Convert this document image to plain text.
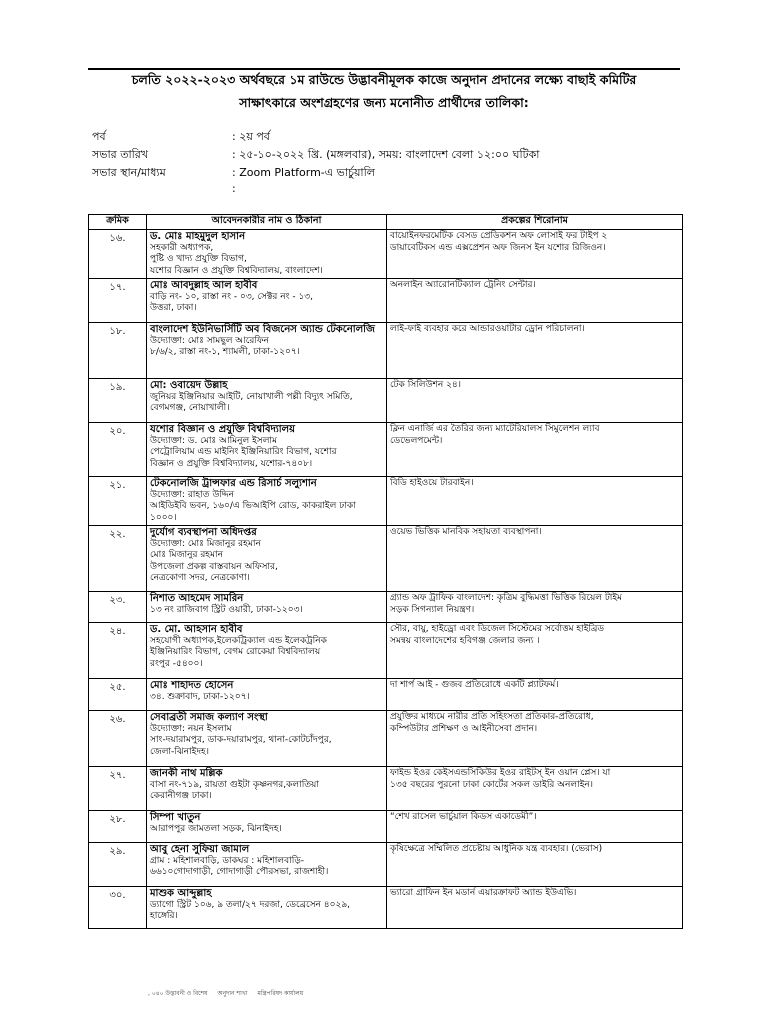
চলতি ২০২২-২০২৩ অর্থবছরে ১ম রাউন্ডে উদ্ভাবনীমূলক কাজে অনুদান প্রদানের লক্ষ্যে বাছাই কমিটির
সাক্ষাৎকারে অংশগ্রহণের জন্য মনোনীত প্রার্থীদের তালিকা:
পর্ব	: ২য় পর্ব
সভার তারিখ	: ২৫-১০-২০২২ খ্রি. (মঙ্গলবার), সময়: বাংলাদেশ বেলা ১২:০০ ঘটিকা
সভার স্থান/মাধ্যম	: Zoom Platform-এ ভার্চুয়ালি
:
ক্রমিক	আবেদনকারীর নাম ও ঠিকানা	প্রকল্পের শিরোনাম
১৬.	ড. মোঃ মাহমুদুল হাসান
সহকারী অধ্যাপক,
পুষ্টি ও খাদ্য প্রযুক্তি বিভাগ,
যশোর বিজ্ঞান ও প্রযুক্তি বিশ্ববিদ্যালয়, বাংলাদেশ।	বায়োইনফরমেটিক বেসড প্রেডিকশন অফ লোসাই ফর টাইপ ২
ডায়াবেটিকস এন্ড এক্সপ্রেশন অফ জিনস ইন যশোর রিজিওন।

১৭.	মোঃ আবদুল্লাহ আল হাবীব
বাড়ি নং- ১০, রাস্তা নং - ০৩, সেক্টর নং - ১৩,
উত্তরা, ঢাকা।	অনলাইন অ্যারোনটিক্যাল ট্রেনিং সেন্টার।

১৮.	বাংলাদেশ ইউনিভার্সিটি অব বিজনেস অ্যান্ড টেকনোলজি
উদ্যোক্তা: মোঃ সামছুল আরেফিন
৮/৬/২, রাস্তা নং-১, শ্যামলী, ঢাকা-১২০৭।	লাই-ফাই ব্যবহার করে আন্ডারওয়াটার ড্রোন পরিচালনা।

১৯.	মো: ওবায়েদ উল্লাহ
জুনিয়র ইঞ্জিনিয়ার আইটি, নোয়াখালী পল্লী বিদ্যুৎ সমিতি,
বেগমগঞ্জ, নোয়াখালী।	টেক সিলিউশন ২৪।

২০.	যশোর বিজ্ঞান ও প্রযুক্তি বিশ্ববিদ্যালয়
উদ্যোক্তা: ড. মোঃ আমিনুল ইসলাম
পেট্রোলিয়াম এন্ড মাইনিং ইঞ্জিনিয়ারিং বিভাগ, যশোর
বিজ্ঞান ও প্রযুক্তি বিশ্ববিদ্যালয়, যশোর-৭৪০৮।	ক্লিন এনার্জি এর তৈরির জন্য ম্যাটেরিয়ালস সিমুলেশন ল্যাব
ডেভেলপমেন্ট।

২১.	টেকনোলজি ট্রান্সফার এন্ড রিসার্চ সল্যুশান
উদ্যোক্তা: রাহাত উদ্দিন
আইডিইবি ভবন, ১৬০/এ ভিআইপি রোড, কাকরাইল ঢাকা
১০০০।	বিডি হাইওয়ে টারবাইন।

২২.	দুর্যোগ ব্যবস্থাপনা অধিদপ্তর
উদ্যোক্তা: মোঃ মিজানুর রহমান
মোঃ মিজানুর রহমান
উপজেলা প্রকল্প বাস্তবায়ন অফিসার,
নেত্রকোণা সদর, নেত্রকোণা।	ওয়েভ ভিত্তিক মানবিক সহায়তা ব্যবস্থাপনা।

২৩.	নিশাত আহমেদ সামরিন
১৩ নং রাজিবাগ স্ট্রিট ওয়ারী, ঢাকা-১২০৩।	গ্র্যান্ড অফ ট্রাফিক বাংলাদেশ: কৃত্রিম বুদ্ধিমত্তা ভিত্তিক রিয়েল টাইম
সড়ক সিগন্যাল নিয়ন্ত্রণ।

২৪.	ড. মো. আহসান হাবীব
সহযোগী অধ্যাপক,ইলেকট্রিক্যাল এন্ড ইলেকট্রনিক
ইঞ্জিনিয়ারিং বিভাগ, বেগম রোকেয়া বিশ্ববিদ্যালয়
রংপুর -৫৪০০।	সৌর, বায়ু, হাইড্রো এবং ডিজেল সিস্টেমের সর্বোত্তম হাইব্রিড
সমন্বয় বাংলাদেশের হবিগঞ্জ জেলার জন্য ।

২৫.	মোঃ শাহাদত হোসেন
৩৪. শুক্রাবাদ, ঢাকা-১২০৭।	দা শার্প আই - গুজব প্রতিরোধে একটি প্ল্যাটফর্ম।

২৬.	সেবাব্রতী সমাজ কল্যাণ সংস্থা
উদ্যোক্তা: নয়ন ইসলাম
সাং-দয়ারামপুর, ডাক-দয়ারামপুর, থানা-কোটচাঁদপুর,
জেলা-ঝিনাইদহ।	প্রযুক্তির মাধ্যমে নারীর প্রতি সহিংসতা প্রতিকার-প্রতিরোধ,
কম্পিউটার প্রশিক্ষণ ও আইনীসেবা প্রদান।

২৭.	জানকী নাথ মল্লিক
বাসা নং-৭১৯, রায়তা গুইটা কৃষ্ণনগর,কলাতিয়া
কেরানীগঞ্জ ঢাকা।	ফাইন্ড ইওর কেইসএন্ডসিকিউর ইওর রাইটস্ ইন ওয়ান প্লেস। যা
১৩৫ বছরের পুরনো ঢাকা কোর্টের সকল ডাইরি অনলাইন।

২৮.	সিম্পা খাতুন
আরাপপুর জামতলা সড়ক, ঝিনাইদহ।	“শেখ রাসেল ভার্চুয়াল কিডস একাডেমী”।

২৯.	আবু হেনা সুফিয়া জামাল
গ্রাম : মহিশালবাড়ি, ডাকঘর : মহিশালবাড়ি-
৬৬১০গোদাগাড়ী, গোদাগাড়ী পৌরসভা, রাজশাহী।	কৃষিক্ষেত্রে সম্মিলিত প্রচেষ্টায় আধুনিক যন্ত্র ব্যবহার। (ভেরাস)

৩০.	মাশুক আব্দুল্লাহ
ড্যাগো স্ট্রিট ১০৬, ৯ তলা/২৭ দরজা, ডেব্রেসেন ৪০২৯,
হাঙ্গেরি।	ভ্যারো গ্রাফিন ইন মডার্ন এয়ারক্রাফট অ্যান্ড ইউএভি।
, ০৪০ উদ্ভাবনী ও বিশেষ অনুদান শাখা মন্ত্রিপরিষদ কার্যালয়
